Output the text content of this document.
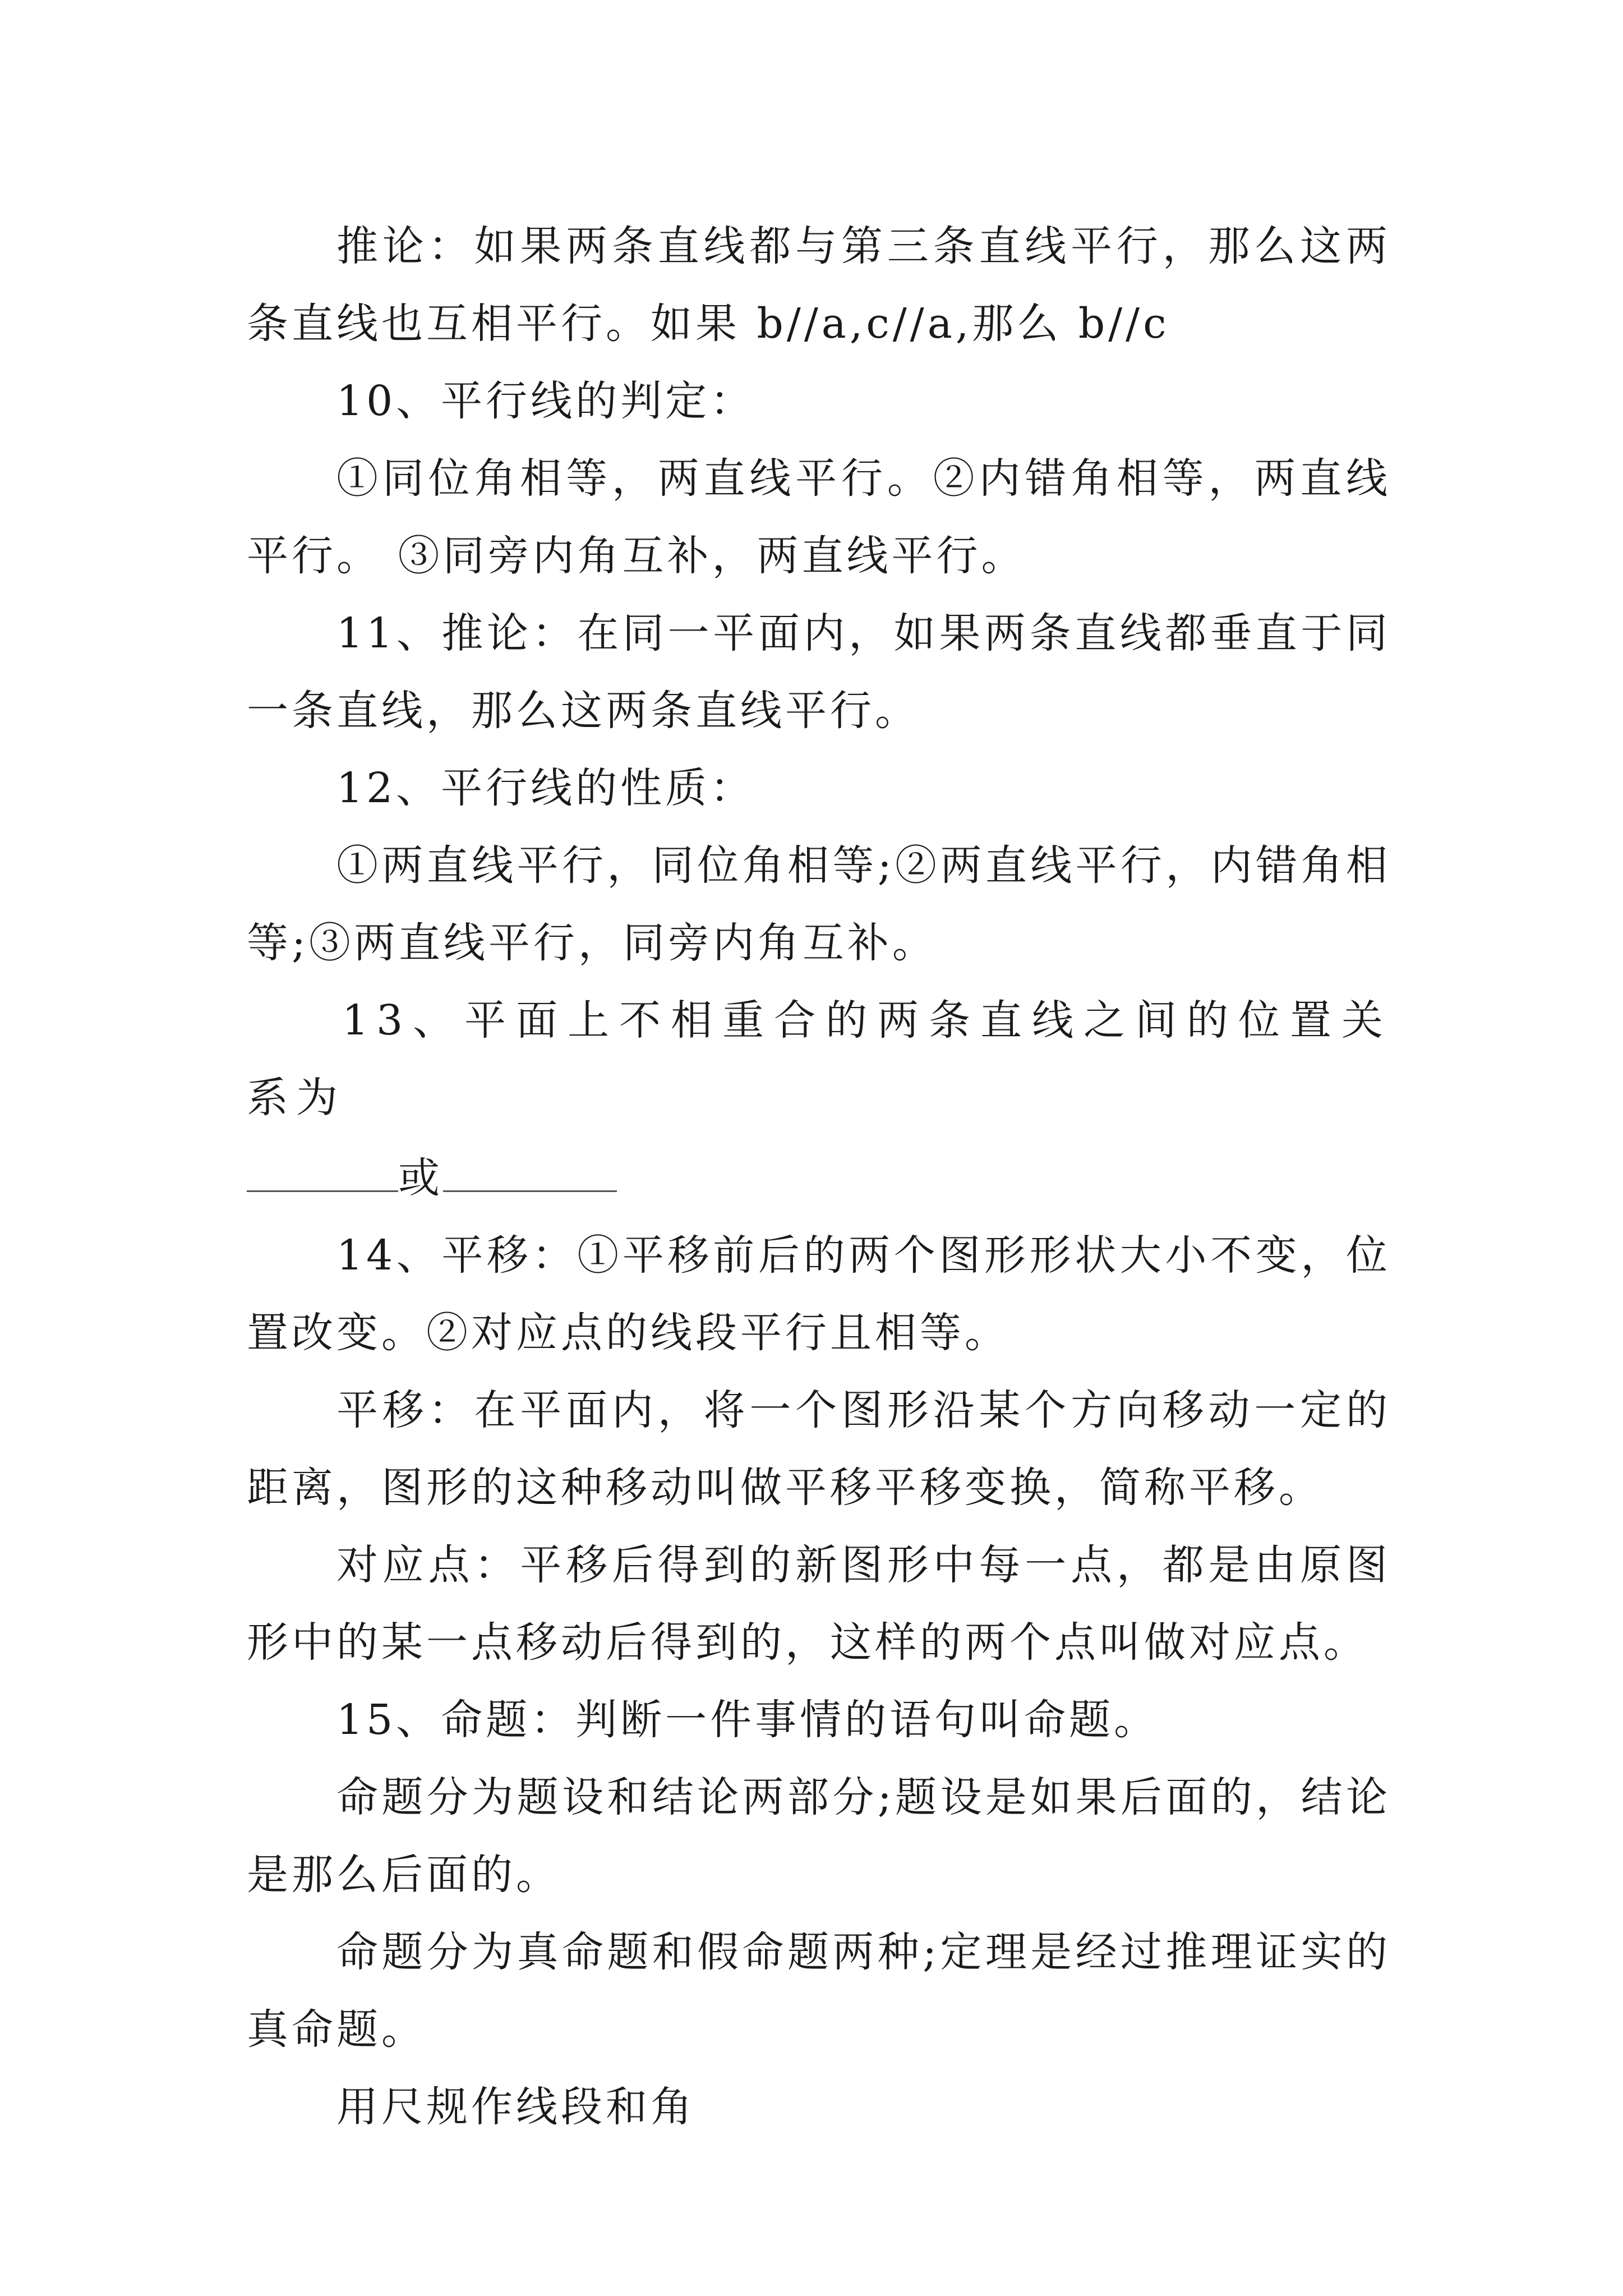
推论：如果两条直线都与第三条直线平行，那么这两条直线也互相平行。如果 b//a,c//a,那么 b//c

10、平行线的判定：

①同位角相等，两直线平行。②内错角相等，两直线平行。 ③同旁内角互补，两直线平行。

11、推论：在同一平面内，如果两条直线都垂直于同一条直线，那么这两条直线平行。

12、平行线的性质：

①两直线平行，同位角相等;②两直线平行，内错角相等;③两直线平行，同旁内角互补。

13、平面上不相重合的两条直线之间的位置关系为

或

14、平移：①平移前后的两个图形形状大小不变，位置改变。②对应点的线段平行且相等。

平移：在平面内，将一个图形沿某个方向移动一定的距离，图形的这种移动叫做平移平移变换，简称平移。

对应点：平移后得到的新图形中每一点，都是由原图形中的某一点移动后得到的，这样的两个点叫做对应点。

15、命题：判断一件事情的语句叫命题。

命题分为题设和结论两部分;题设是如果后面的，结论是那么后面的。

命题分为真命题和假命题两种;定理是经过推理证实的真命题。

用尺规作线段和角
